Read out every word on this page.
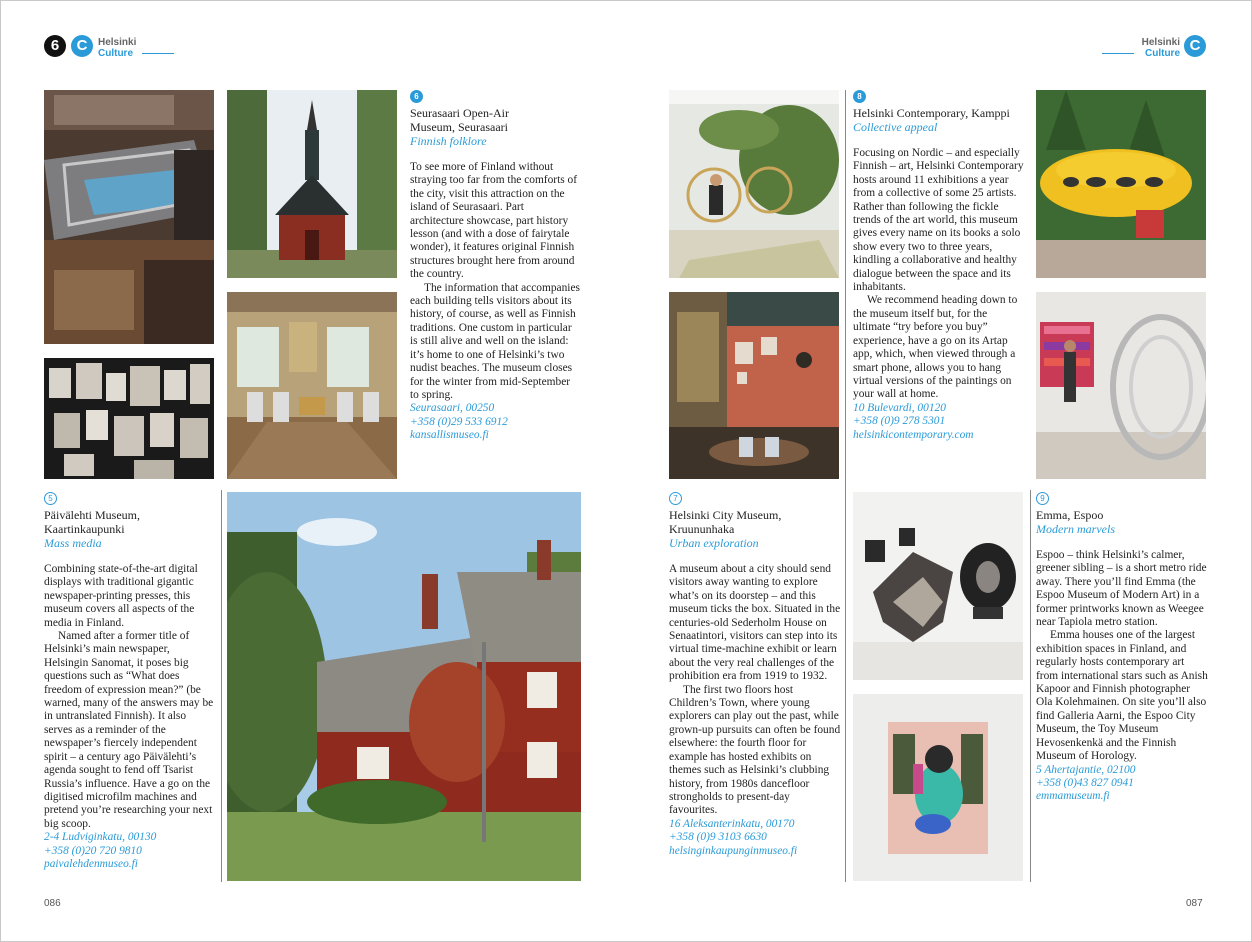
6	C	Helsinki
Culture
Helsinki
Culture C
6
Seurasaari Open-Air
Museum, Seurasaari
Finnish folklore

To see more of Finland without straying too far from the comforts of the city, visit this attraction on the island of Seurasaari. Part architecture showcase, part history lesson (and with a dose of fairytale wonder), it features original Finnish structures brought here from around the country.

The information that accompanies each building tells visitors about its history, of course, as well as Finnish traditions. One custom in particular is still alive and well on the island: it’s home to one of Helsinki’s two nudist beaches. The museum closes for the winter from mid-September to spring.

Seurasaari, 00250
+358 (0)29 533 6912
kansallismuseo.fi
5
Päivälehti Museum,
Kaartinkaupunki
Mass media

Combining state-of-the-art digital displays with traditional gigantic newspaper-printing presses, this museum covers all aspects of the media in Finland.

Named after a former title of Helsinki’s main newspaper, Helsingin Sanomat, it poses big questions such as “What does freedom of expression mean?” (be warned, many of the answers may be in untranslated Finnish). It also serves as a reminder of the newspaper’s fiercely independent spirit – a century ago Päivälehti’s agenda sought to fend off Tsarist Russia’s influence. Have a go on the digitised microfilm machines and pretend you’re researching your next big scoop.

2-4 Ludviginkatu, 00130
+358 (0)20 720 9810
paivalehdenmuseo.fi
7
Helsinki City Museum,
Kruununhaka
Urban exploration

A museum about a city should send visitors away wanting to explore what’s on its doorstep – and this museum ticks the box. Situated in the centuries-old Sederholm House on Senaatintori, visitors can step into its virtual time-machine exhibit or learn about the very real challenges of the prohibition era from 1919 to 1932.

The first two floors host Children’s Town, where young explorers can play out the past, while grown-up pursuits can often be found elsewhere: the fourth floor for example has hosted exhibits on themes such as Helsinki’s clubbing history, from 1980s dancefloor strongholds to present-day favourites.

16 Aleksanterinkatu, 00170
+358 (0)9 3103 6630
helsinginkaupunginmuseo.fi
8
Helsinki Contemporary, Kamppi
Collective appeal

Focusing on Nordic – and especially Finnish – art, Helsinki Contemporary hosts around 11 exhibitions a year from a collective of some 25 artists. Rather than following the fickle trends of the art world, this museum gives every name on its books a solo show every two to three years, kindling a collaborative and healthy dialogue between the space and its inhabitants.

We recommend heading down to the museum itself but, for the ultimate “try before you buy” experience, have a go on its Artap app, which, when viewed through a smart phone, allows you to hang virtual versions of the paintings on your wall at home.

10 Bulevardi, 00120
+358 (0)9 278 5301
helsinkicontemporary.com
9
Emma, Espoo
Modern marvels

Espoo – think Helsinki’s calmer, greener sibling – is a short metro ride away. There you’ll find Emma (the Espoo Museum of Modern Art) in a former printworks known as Weegee near Tapiola metro station.

Emma houses one of the largest exhibition spaces in Finland, and regularly hosts contemporary art from international stars such as Anish Kapoor and Finnish photographer Ola Kolehmainen. On site you’ll also find Galleria Aarni, the Espoo City Museum, the Toy Museum Hevosenkenkä and the Finnish Museum of Horology.

5 Ahertajantie, 02100
+358 (0)43 827 0941
emmamuseum.fi
086	087
